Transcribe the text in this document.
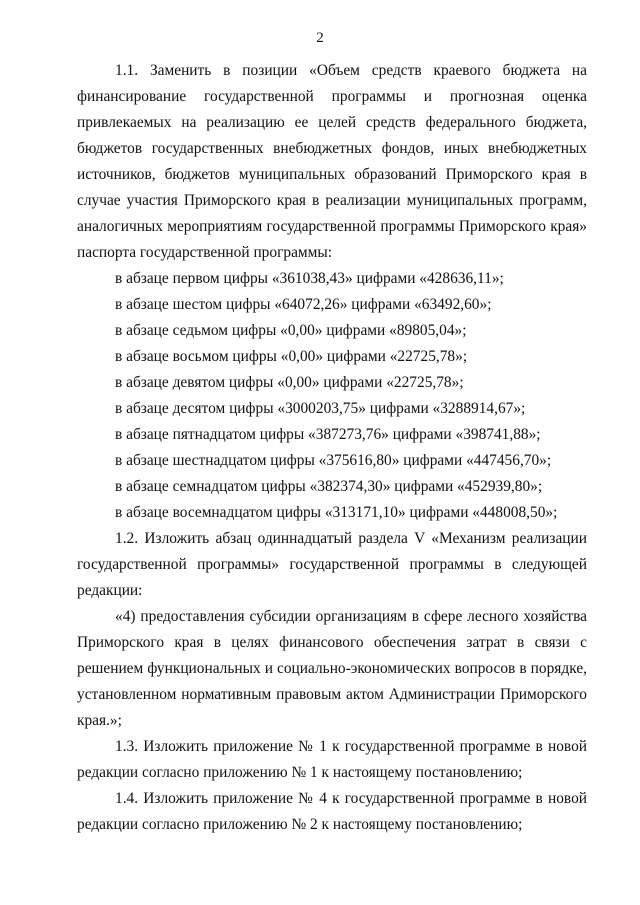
2

1.1. Заменить в позиции «Объем средств краевого бюджета на финансирование государственной программы и прогнозная оценка привлекаемых на реализацию ее целей средств федерального бюджета, бюджетов государственных внебюджетных фондов, иных внебюджетных источников, бюджетов муниципальных образований Приморского края в случае участия Приморского края в реализации муниципальных программ, аналогичных мероприятиям государственной программы Приморского края» паспорта государственной программы:

в абзаце первом цифры «361038,43» цифрами «428636,11»;

в абзаце шестом цифры «64072,26» цифрами «63492,60»;

в абзаце седьмом цифры «0,00» цифрами «89805,04»;

в абзаце восьмом цифры «0,00» цифрами «22725,78»;

в абзаце девятом цифры «0,00» цифрами «22725,78»;

в абзаце десятом цифры «3000203,75» цифрами «3288914,67»;

в абзаце пятнадцатом цифры «387273,76» цифрами «398741,88»;

в абзаце шестнадцатом цифры «375616,80» цифрами «447456,70»;

в абзаце семнадцатом цифры «382374,30» цифрами «452939,80»;

в абзаце восемнадцатом цифры «313171,10» цифрами «448008,50»;

1.2. Изложить абзац одиннадцатый раздела V «Механизм реализации государственной программы» государственной программы в следующей редакции:

«4) предоставления субсидии организациям в сфере лесного хозяйства Приморского края в целях финансового обеспечения затрат в связи с решением функциональных и социально-экономических вопросов в порядке, установленном нормативным правовым актом Администрации Приморского края.»;

1.3. Изложить приложение № 1 к государственной программе в новой редакции согласно приложению № 1 к настоящему постановлению;

1.4. Изложить приложение № 4 к государственной программе в новой редакции согласно приложению № 2 к настоящему постановлению;
